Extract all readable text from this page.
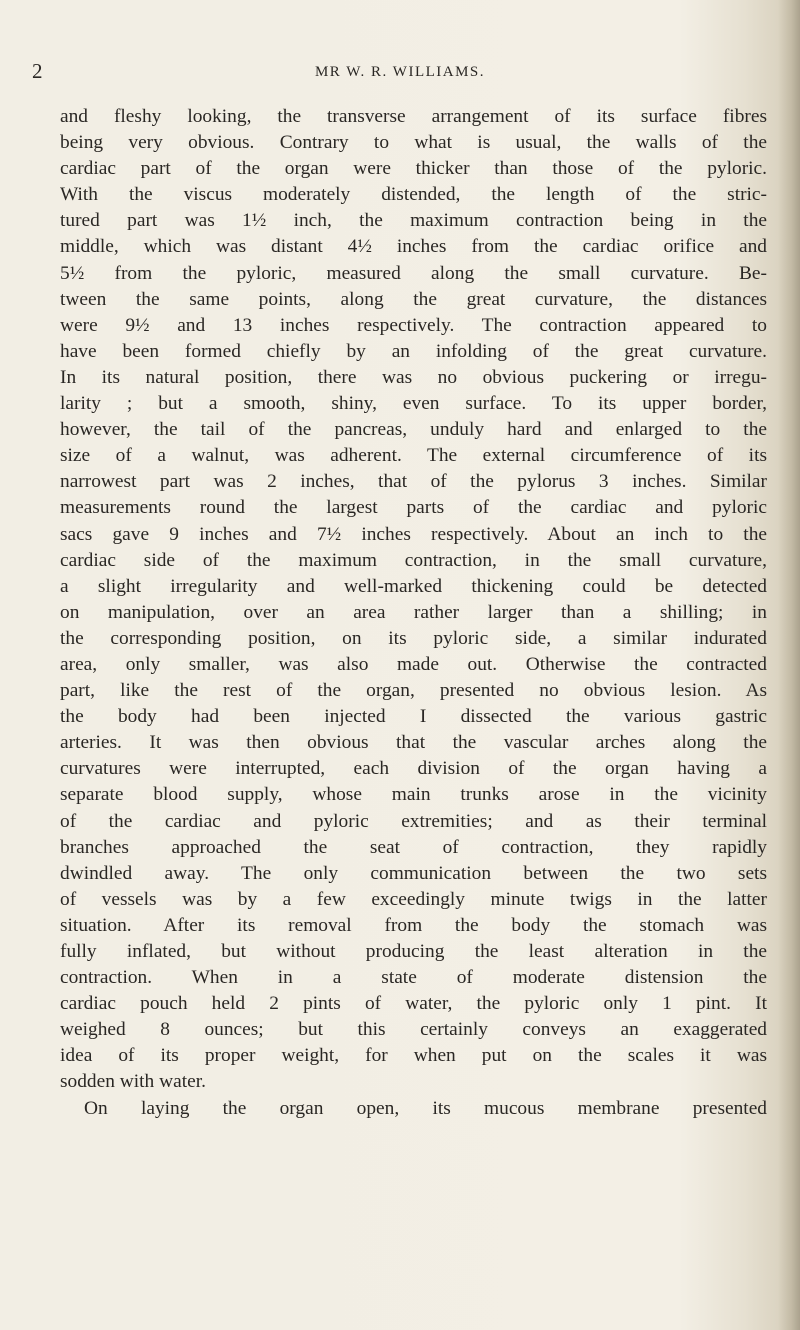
2	MR W. R. WILLIAMS.
and fleshy looking, the transverse arrangement of its surface fibres
being very obvious. Contrary to what is usual, the walls of the
cardiac part of the organ were thicker than those of the pyloric.
With the viscus moderately distended, the length of the stric-
tured part was 1½ inch, the maximum contraction being in the
middle, which was distant 4½ inches from the cardiac orifice and
5½ from the pyloric, measured along the small curvature. Be-
tween the same points, along the great curvature, the distances
were 9½ and 13 inches respectively. The contraction appeared to
have been formed chiefly by an infolding of the great curvature.
In its natural position, there was no obvious puckering or irregu-
larity ; but a smooth, shiny, even surface. To its upper border,
however, the tail of the pancreas, unduly hard and enlarged to the
size of a walnut, was adherent. The external circumference of its
narrowest part was 2 inches, that of the pylorus 3 inches. Similar
measurements round the largest parts of the cardiac and pyloric
sacs gave 9 inches and 7½ inches respectively. About an inch to the
cardiac side of the maximum contraction, in the small curvature,
a slight irregularity and well-marked thickening could be detected
on manipulation, over an area rather larger than a shilling; in
the corresponding position, on its pyloric side, a similar indurated
area, only smaller, was also made out. Otherwise the contracted
part, like the rest of the organ, presented no obvious lesion. As
the body had been injected I dissected the various gastric
arteries. It was then obvious that the vascular arches along the
curvatures were interrupted, each division of the organ having a
separate blood supply, whose main trunks arose in the vicinity
of the cardiac and pyloric extremities; and as their terminal
branches approached the seat of contraction, they rapidly
dwindled away. The only communication between the two sets
of vessels was by a few exceedingly minute twigs in the latter
situation. After its removal from the body the stomach was
fully inflated, but without producing the least alteration in the
contraction. When in a state of moderate distension the
cardiac pouch held 2 pints of water, the pyloric only 1 pint. It
weighed 8 ounces; but this certainly conveys an exaggerated
idea of its proper weight, for when put on the scales it was
sodden with water.
On laying the organ open, its mucous membrane presented
